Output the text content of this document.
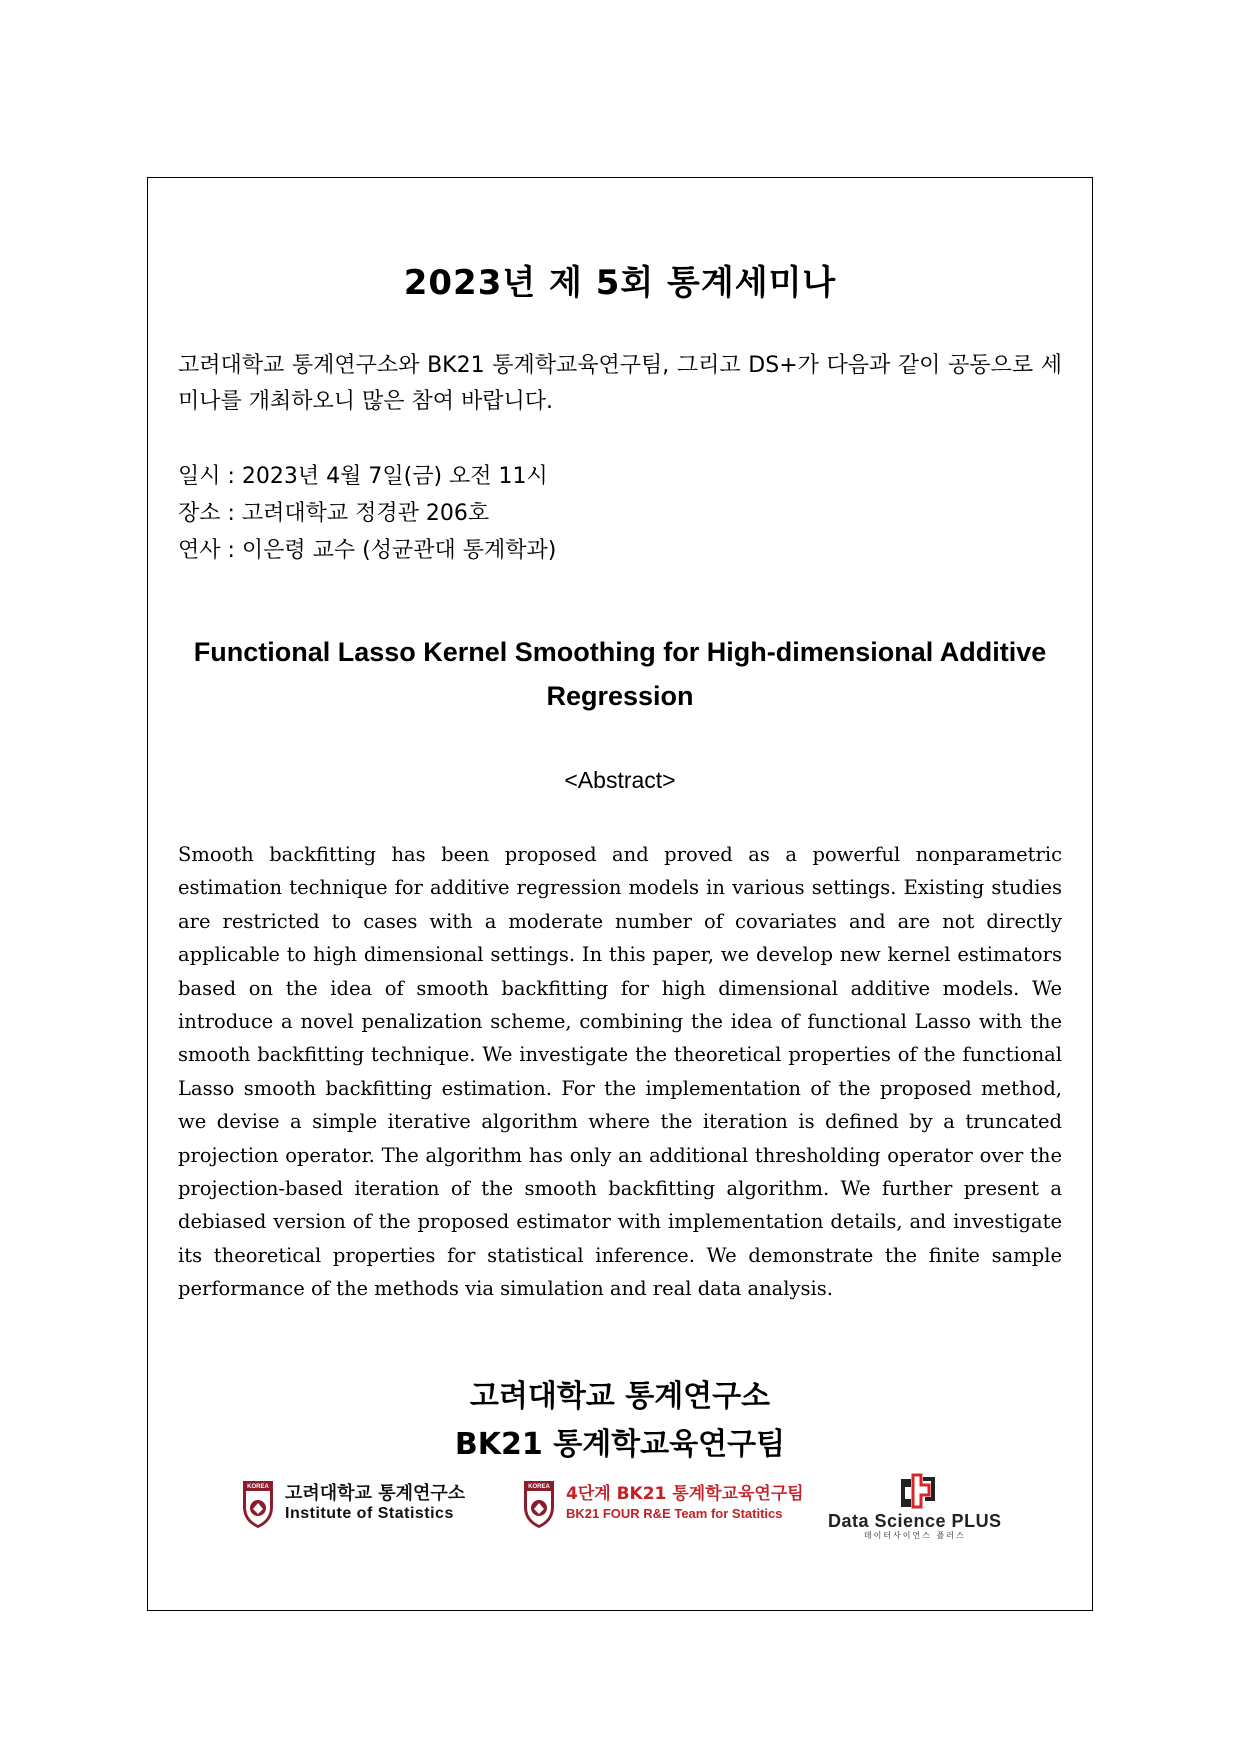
2023년 제 5회 통계세미나
고려대학교 통계연구소와 BK21 통계학교육연구팀, 그리고 DS+가 다음과 같이 공동으로 세미나를 개최하오니 많은 참여 바랍니다.
일시 : 2023년 4월 7일(금) 오전 11시
장소 : 고려대학교 정경관 206호
연사 : 이은령 교수 (성균관대 통계학과)
Functional Lasso Kernel Smoothing for High-dimensional Additive
Regression
<Abstract>
Smooth backfitting has been proposed and proved as a powerful nonparametric estimation technique for additive regression models in various settings. Existing studies are restricted to cases with a moderate number of covariates and are not directly applicable to high dimensional settings. In this paper, we develop new kernel estimators based on the idea of smooth backfitting for high dimensional additive models. We introduce a novel penalization scheme, combining the idea of functional Lasso with the smooth backfitting technique. We investigate the theoretical properties of the functional Lasso smooth backfitting estimation. For the implementation of the proposed method, we devise a simple iterative algorithm where the iteration is defined by a truncated projection operator. The algorithm has only an additional thresholding operator over the projection-based iteration of the smooth backfitting algorithm. We further present a debiased version of the proposed estimator with implementation details, and investigate its theoretical properties for statistical inference. We demonstrate the finite sample performance of the methods via simulation and real data analysis.
고려대학교 통계연구소
BK21 통계학교육연구팀
KOREA 고려대학교 통계연구소
Institute of Statistics
KOREA 4단계 BK21 통계학교육연구팀
BK21 FOUR R&E Team for Statitics	Data Science PLUS
데이터사이언스 플러스
